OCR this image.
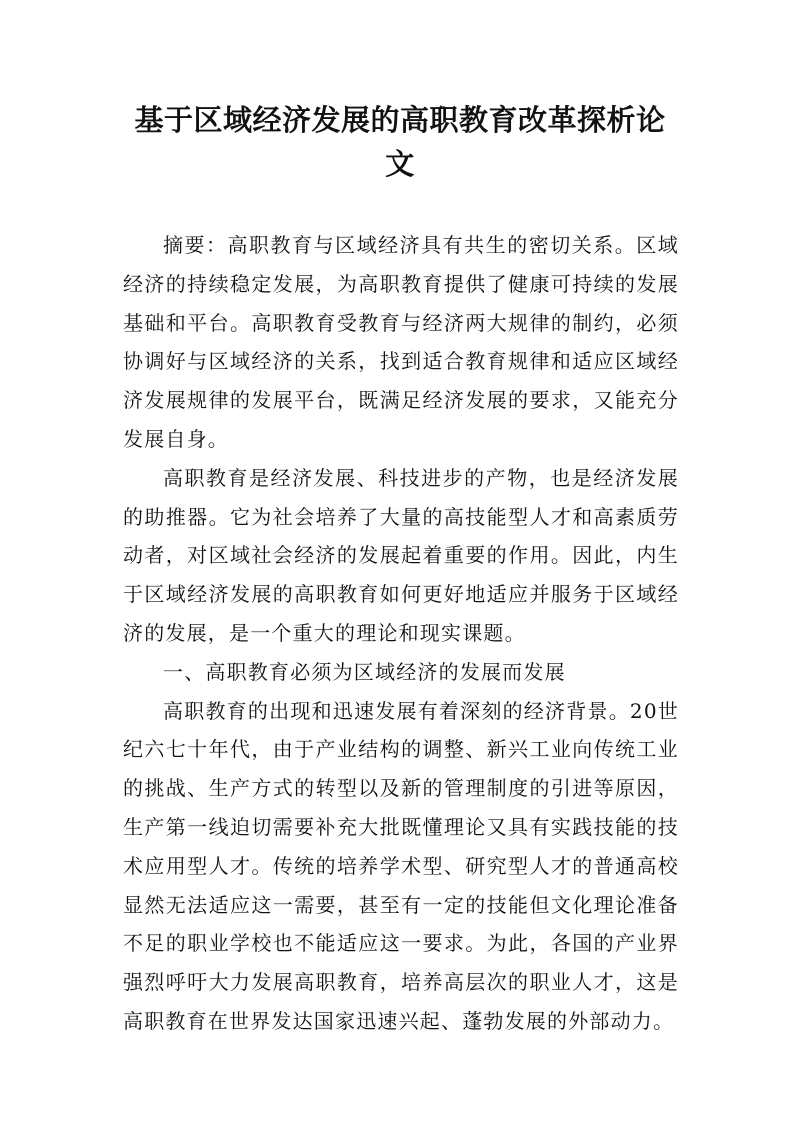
基于区域经济发展的高职教育改革探析论文

摘要：高职教育与区域经济具有共生的密切关系。区域经济的持续稳定发展，为高职教育提供了健康可持续的发展基础和平台。高职教育受教育与经济两大规律的制约，必须协调好与区域经济的关系，找到适合教育规律和适应区域经济发展规律的发展平台，既满足经济发展的要求，又能充分发展自身。

高职教育是经济发展、科技进步的产物，也是经济发展的助推器。它为社会培养了大量的高技能型人才和高素质劳动者，对区域社会经济的发展起着重要的作用。因此，内生于区域经济发展的高职教育如何更好地适应并服务于区域经济的发展，是一个重大的理论和现实课题。

一、高职教育必须为区域经济的发展而发展

高职教育的出现和迅速发展有着深刻的经济背景。20世纪六七十年代，由于产业结构的调整、新兴工业向传统工业的挑战、生产方式的转型以及新的管理制度的引进等原因，生产第一线迫切需要补充大批既懂理论又具有实践技能的技术应用型人才。传统的培养学术型、研究型人才的普通高校显然无法适应这一需要，甚至有一定的技能但文化理论准备不足的职业学校也不能适应这一要求。为此，各国的产业界强烈呼吁大力发展高职教育，培养高层次的职业人才，这是高职教育在世界发达国家迅速兴起、蓬勃发展的外部动力。
